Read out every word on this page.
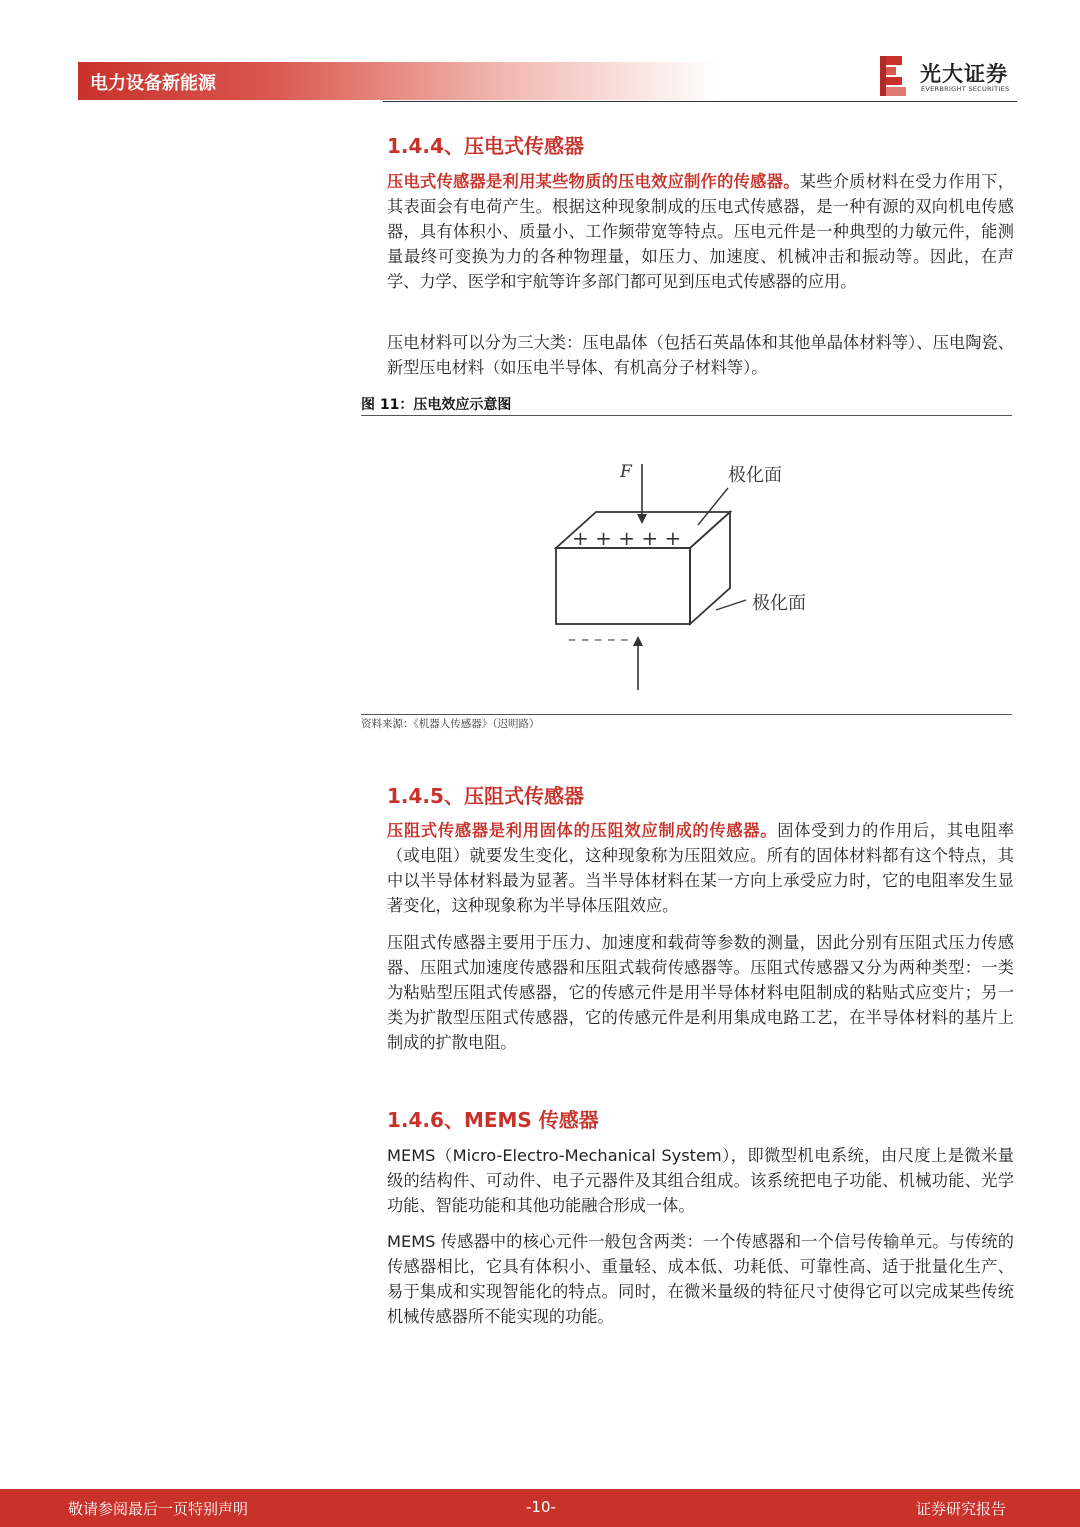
电力设备新能源	光大证券
EVERBRIGHT SECURITIES
1.4.4、压电式传感器
压电式传感器是利用某些物质的压电效应制作的传感器。某些介质材料在受力作用下，其表面会有电荷产生。根据这种现象制成的压电式传感器，是一种有源的双向机电传感器，具有体积小、质量小、工作频带宽等特点。压电元件是一种典型的力敏元件，能测量最终可变换为力的各种物理量，如压力、加速度、机械冲击和振动等。因此，在声学、力学、医学和宇航等许多部门都可见到压电式传感器的应用。
压电材料可以分为三大类：压电晶体（包括石英晶体和其他单晶体材料等）、压电陶瓷、新型压电材料（如压电半导体、有机高分子材料等）。
图 11：压电效应示意图
F	极化面
极化面
+ + + + +
– – – – –
资料来源：《机器人传感器》（迟明路）
1.4.5、压阻式传感器
压阻式传感器是利用固体的压阻效应制成的传感器。固体受到力的作用后，其电阻率（或电阻）就要发生变化，这种现象称为压阻效应。所有的固体材料都有这个特点，其中以半导体材料最为显著。当半导体材料在某一方向上承受应力时，它的电阻率发生显著变化，这种现象称为半导体压阻效应。
压阻式传感器主要用于压力、加速度和载荷等参数的测量，因此分别有压阻式压力传感器、压阻式加速度传感器和压阻式载荷传感器等。压阻式传感器又分为两种类型：一类为粘贴型压阻式传感器，它的传感元件是用半导体材料电阻制成的粘贴式应变片；另一类为扩散型压阻式传感器，它的传感元件是利用集成电路工艺，在半导体材料的基片上制成的扩散电阻。
1.4.6、MEMS 传感器
MEMS（Micro-Electro-Mechanical System），即微型机电系统，由尺度上是微米量级的结构件、可动件、电子元器件及其组合组成。该系统把电子功能、机械功能、光学功能、智能功能和其他功能融合形成一体。
MEMS 传感器中的核心元件一般包含两类：一个传感器和一个信号传输单元。与传统的传感器相比，它具有体积小、重量轻、成本低、功耗低、可靠性高、适于批量化生产、易于集成和实现智能化的特点。同时，在微米量级的特征尺寸使得它可以完成某些传统机械传感器所不能实现的功能。
敬请参阅最后一页特别声明	-10-	证券研究报告
